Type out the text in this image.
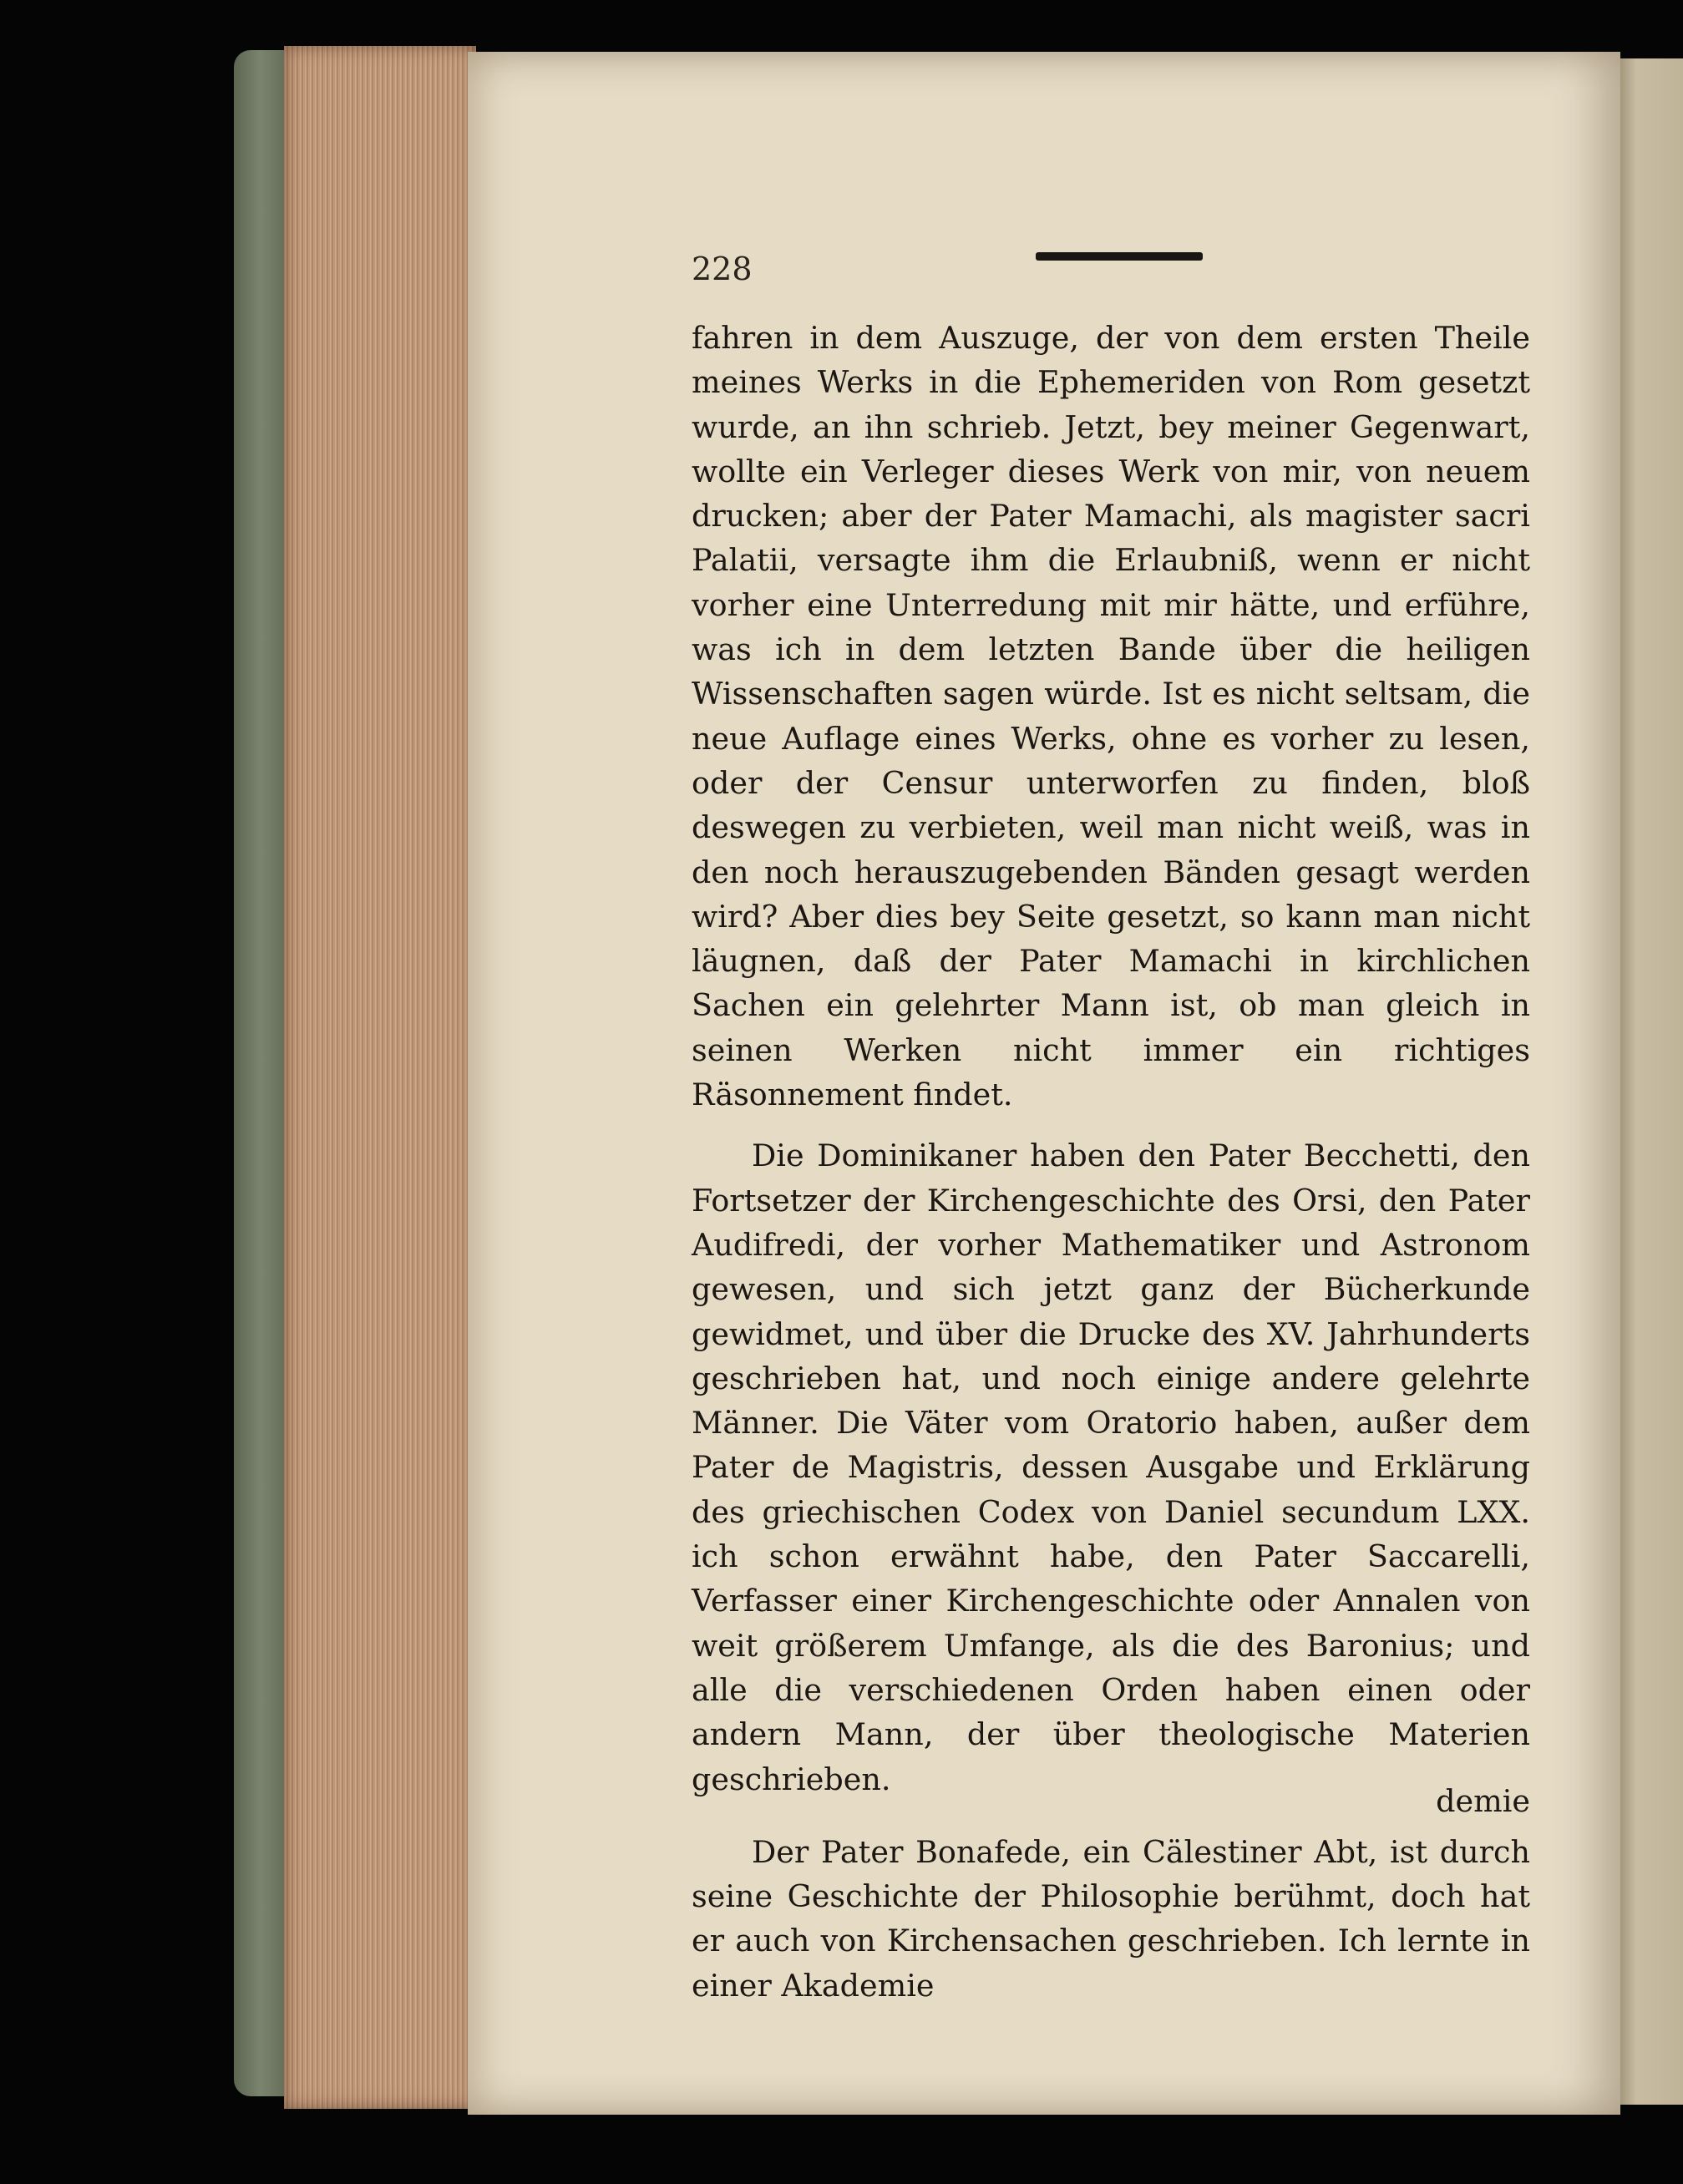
228

fahren in dem Auszuge, der von dem ersten Theile meines Werks in die Ephemeriden von Rom gesetzt wurde, an ihn schrieb. Jetzt, bey meiner Gegenwart, wollte ein Verleger dieses Werk von mir, von neuem drucken; aber der Pater Mamachi, als magister sacri Palatii, versagte ihm die Erlaubniß, wenn er nicht vorher eine Unterredung mit mir hätte, und erführe, was ich in dem letzten Bande über die heiligen Wissenschaften sagen würde. Ist es nicht seltsam, die neue Auflage eines Werks, ohne es vorher zu lesen, oder der Censur unterworfen zu finden, bloß deswegen zu verbieten, weil man nicht weiß, was in den noch herauszugebenden Bänden gesagt werden wird? Aber dies bey Seite gesetzt, so kann man nicht läugnen, daß der Pater Mamachi in kirchlichen Sachen ein gelehrter Mann ist, ob man gleich in seinen Werken nicht immer ein richtiges Räsonnement findet.

Die Dominikaner haben den Pater Becchetti, den Fortsetzer der Kirchengeschichte des Orsi, den Pater Audifredi, der vorher Mathematiker und Astronom gewesen, und sich jetzt ganz der Bücherkunde gewidmet, und über die Drucke des XV. Jahrhunderts geschrieben hat, und noch einige andere gelehrte Männer. Die Väter vom Oratorio haben, außer dem Pater de Magistris, dessen Ausgabe und Erklärung des griechischen Codex von Daniel secundum LXX. ich schon erwähnt habe, den Pater Saccarelli, Verfasser einer Kirchengeschichte oder Annalen von weit größerem Umfange, als die des Baronius; und alle die verschiedenen Orden haben einen oder andern Mann, der über theologische Materien geschrieben.

Der Pater Bonafede, ein Cälestiner Abt, ist durch seine Geschichte der Philosophie berühmt, doch hat er auch von Kirchensachen geschrieben. Ich lernte in einer Akademie

demie
